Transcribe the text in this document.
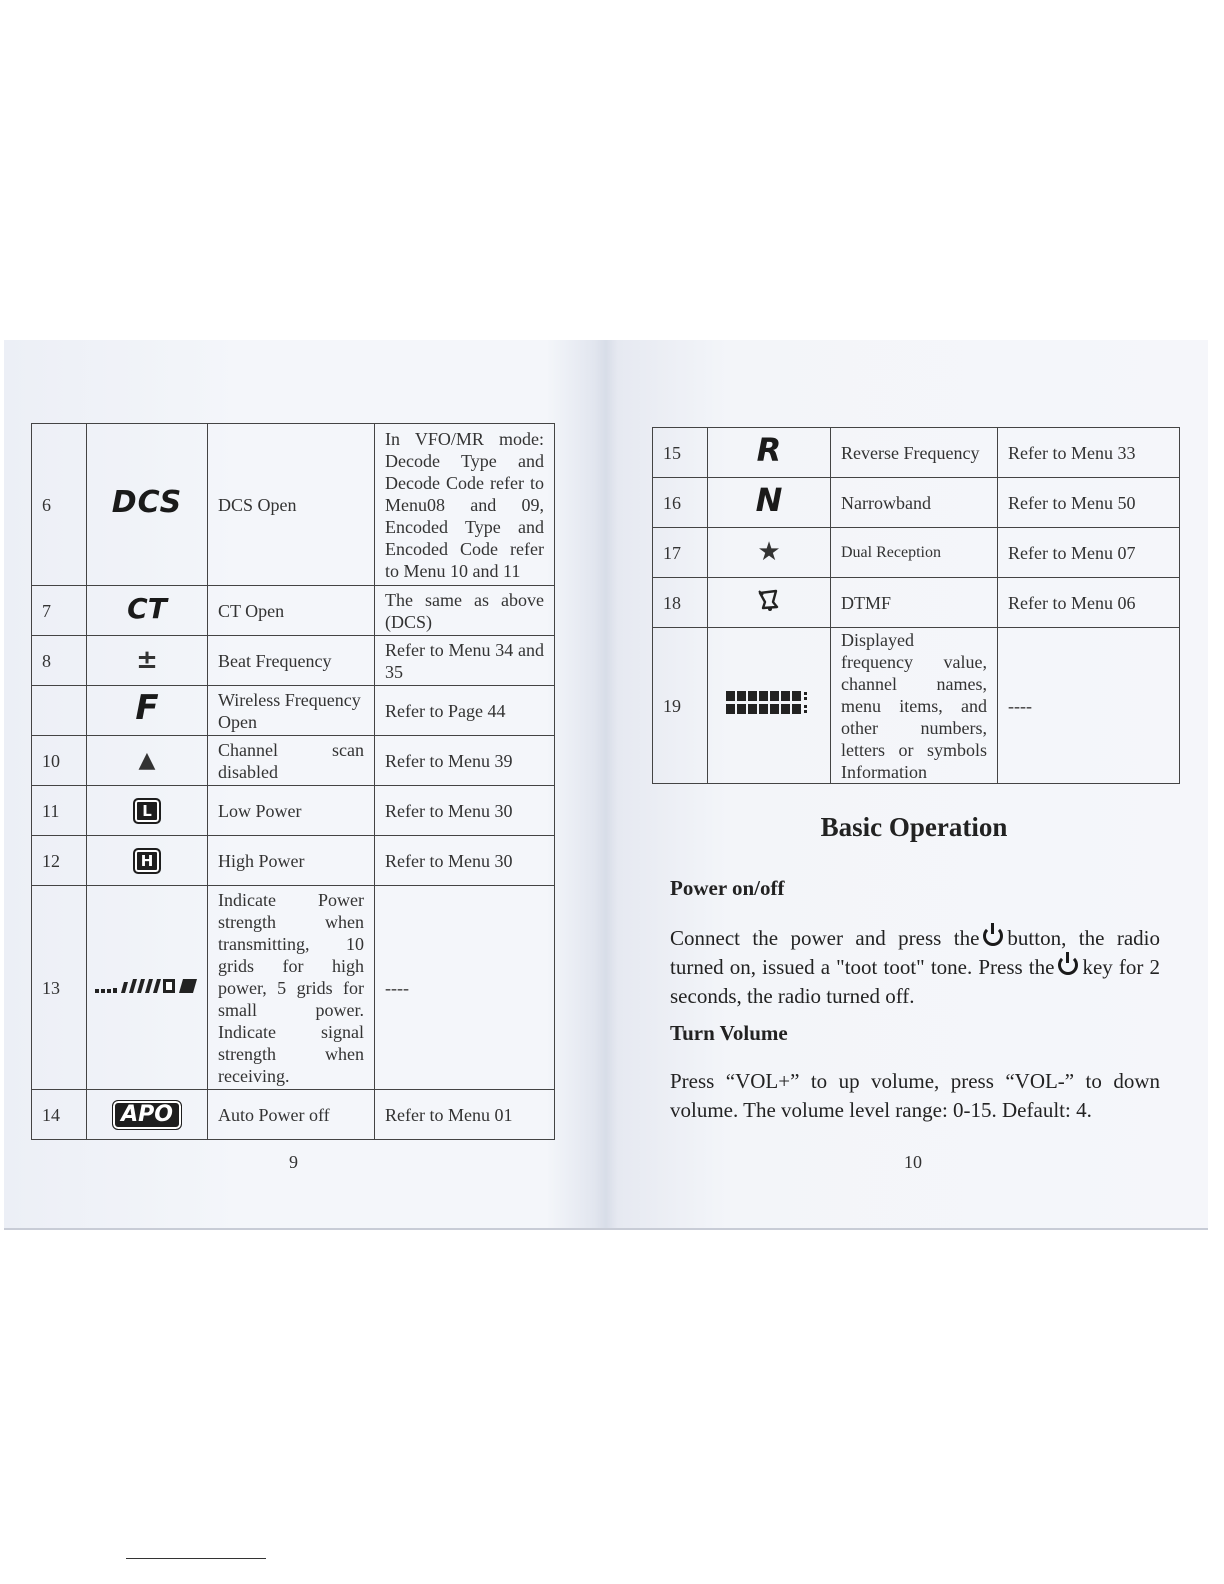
6	DCS	DCS Open	In VFO/MR mode: Decode Type and Decode Code refer to Menu08 and 09, Encoded Type and Encoded Code refer to Menu 10 and 11
7	CT	CT Open	The same as above (DCS)
8	±	Beat Frequency	Refer to Menu 34 and 35
	F	Wireless Frequency Open	Refer to Page 44
10	▲	Channel scan disabled	Refer to Menu 39
11	L	Low Power	Refer to Menu 30
12	H	High Power	Refer to Menu 30
13		Indicate Power strength when transmitting, 10 grids for high power, 5 grids for small power. Indicate signal strength when receiving.	----
14	APO	Auto Power off	Refer to Menu 01
9
15	R	Reverse Frequency	Refer to Menu 33
16	N	Narrowband	Refer to Menu 50
17	★	Dual Reception	Refer to Menu 07
18		DTMF	Refer to Menu 06
19		Displayed frequency value, channel names, menu items, and other numbers, letters or symbols Information	----
Basic Operation
Power on/off

Connect the power and press the button, the radio turned on, issued a "toot toot" tone. Press the key for 2 seconds, the radio turned off.

Turn Volume

Press “VOL+” to up volume, press “VOL-” to down volume. The volume level range: 0-15. Default: 4.

10
